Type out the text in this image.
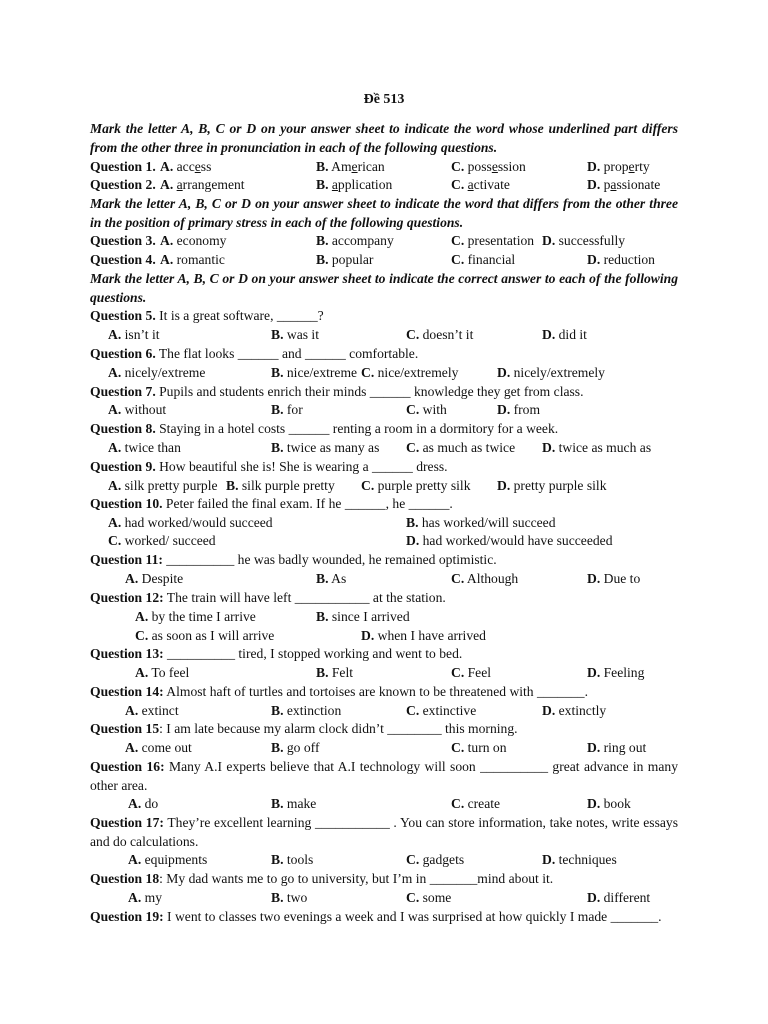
Đề 513
Mark the letter A, B, C or D on your answer sheet to indicate the word whose underlined part differs from the other three in pronunciation in each of the following questions.
Question 1. A. access	B. American	C. possession	D. property
Question 2. A. arrangement	B. application	C. activate	D. passionate
Mark the letter A, B, C or D on your answer sheet to indicate the word that differs from the other three in the position of primary stress in each of the following questions.
Question 3. A. economy	B. accompany	C. presentation D. successfully
Question 4. A. romantic	B. popular	C. financial	D. reduction
Mark the letter A, B, C or D on your answer sheet to indicate the correct answer to each of the following questions.
Question 5. It is a great software, ______?
A. isn’t it	B. was it	C. doesn’t it	D. did it
Question 6. The flat looks ______ and ______ comfortable.
A. nicely/extreme	B. nice/extreme C. nice/extremely	D. nicely/extremely
Question 7. Pupils and students enrich their minds ______ knowledge they get from class.
A. without	B. for	C. with	D. from
Question 8. Staying in a hotel costs ______ renting a room in a dormitory for a week.
A. twice than	B. twice as many as C. as much as twice D. twice as much as
Question 9. How beautiful she is! She is wearing a ______ dress.
A. silk pretty purple B. silk purple pretty C. purple pretty silk D. pretty purple silk
Question 10. Peter failed the final exam. If he ______, he ______.
A. had worked/would succeed	B. has worked/will succeed
C. worked/ succeed	D. had worked/would have succeeded
Question 11: __________ he was badly wounded, he remained optimistic.
A. Despite	B. As	C. Although	D. Due to
Question 12: The train will have left ___________ at the station.
A. by the time I arrive	B. since I arrived
C. as soon as I will arrive	D. when I have arrived
Question 13: __________ tired, I stopped working and went to bed.
A. To feel	B. Felt	C. Feel	D. Feeling
Question 14: Almost haft of turtles and tortoises are known to be threatened with _______.
A. extinct	B. extinction	C. extinctive	D. extinctly
Question 15: I am late because my alarm clock didn’t ________ this morning.
A. come out	B. go off	C. turn on	D. ring out
Question 16: Many A.I experts believe that A.I technology will soon __________ great advance in many other area.
A. do	B. make	C. create	D. book
Question 17: They’re excellent learning ___________ . You can store information, take notes, write essays and do calculations.
A. equipments	B. tools	C. gadgets	D. techniques
Question 18: My dad wants me to go to university, but I’m in _______mind about it.
A. my	B. two	C. some	D. different
Question 19: I went to classes two evenings a week and I was surprised at how quickly I made _______.
